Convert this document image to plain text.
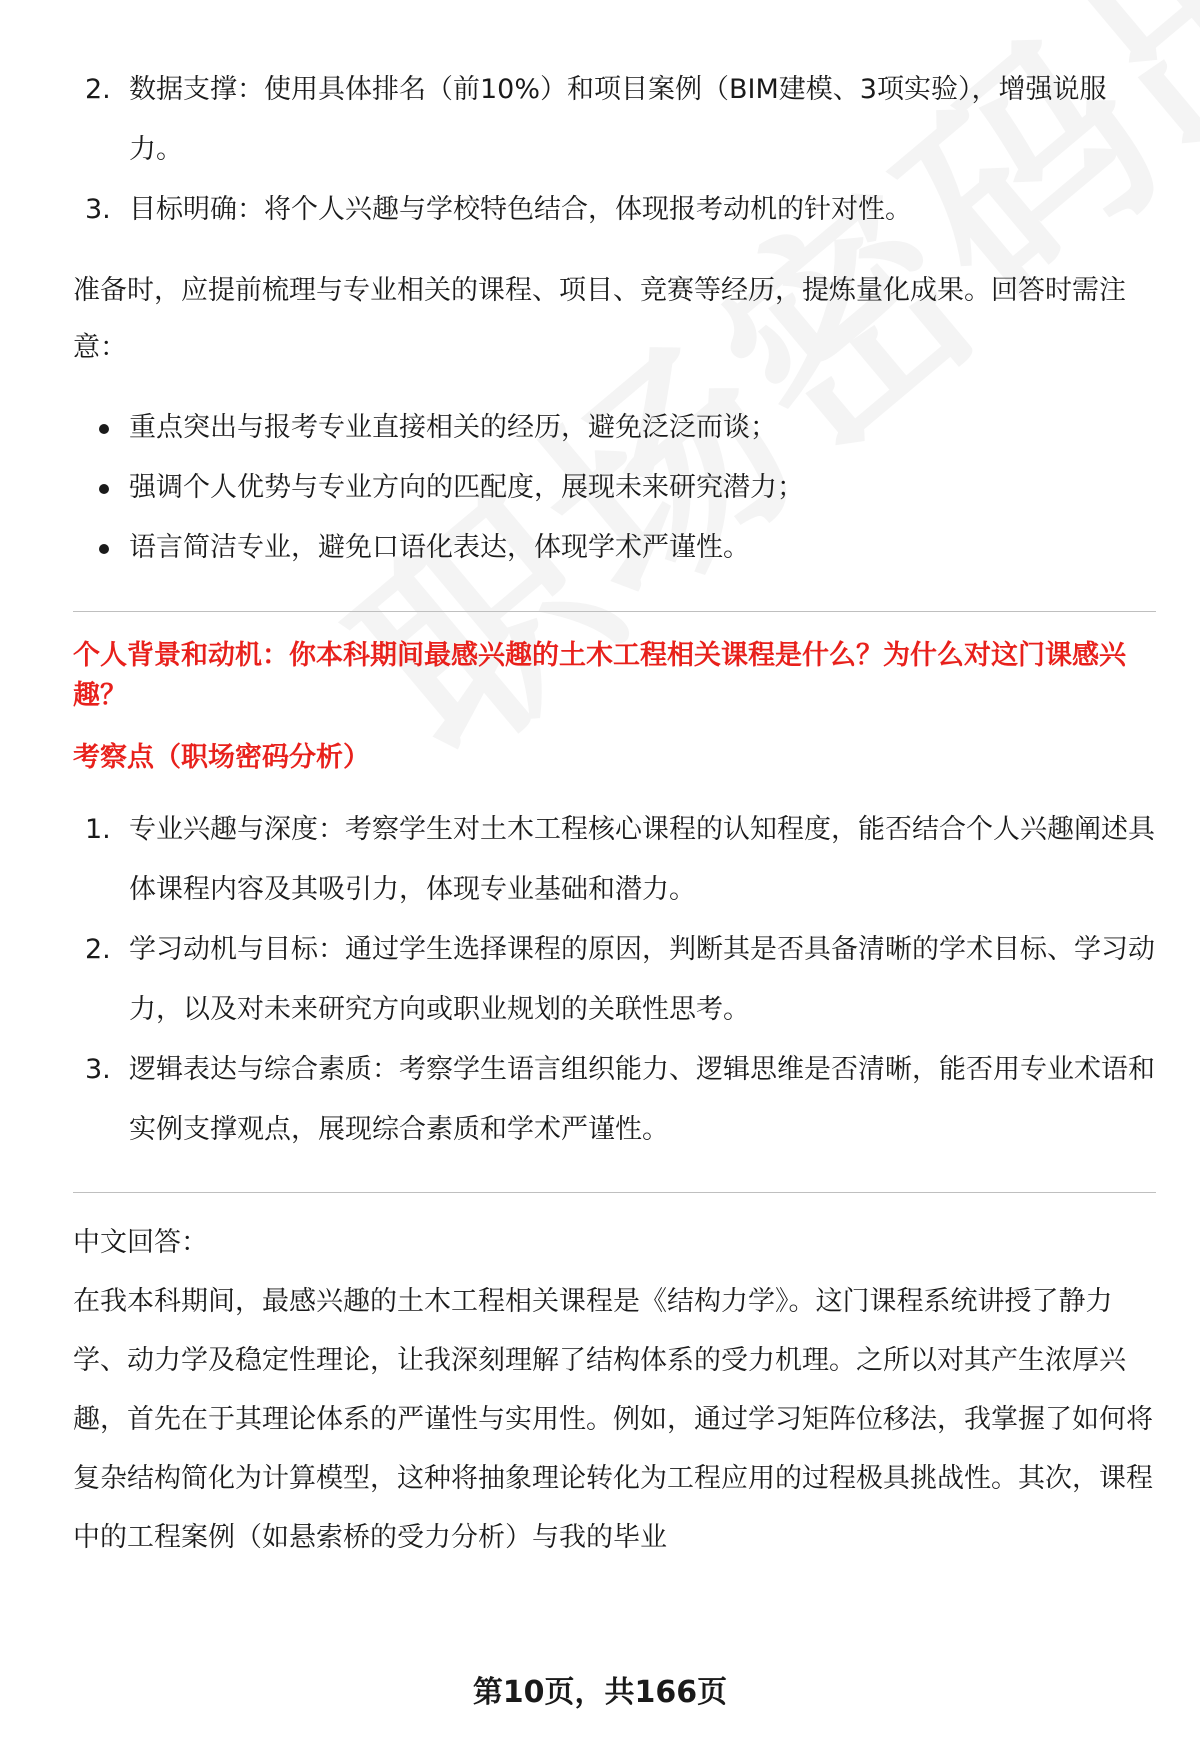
2. 数据支撑：使用具体排名（前10%）和项目案例（BIM建模、3项实验），增强说服力。
3. 目标明确：将个人兴趣与学校特色结合，体现报考动机的针对性。

准备时，应提前梳理与专业相关的课程、项目、竞赛等经历，提炼量化成果。回答时需注意：

重点突出与报考专业直接相关的经历，避免泛泛而谈；
强调个人优势与专业方向的匹配度，展现未来研究潜力；
语言简洁专业，避免口语化表达，体现学术严谨性。

个人背景和动机：你本科期间最感兴趣的土木工程相关课程是什么？为什么对这门课感兴趣？

考察点（职场密码分析）

1. 专业兴趣与深度：考察学生对土木工程核心课程的认知程度，能否结合个人兴趣阐述具体课程内容及其吸引力，体现专业基础和潜力。
2. 学习动机与目标：通过学生选择课程的原因，判断其是否具备清晰的学术目标、学习动力，以及对未来研究方向或职业规划的关联性思考。
3. 逻辑表达与综合素质：考察学生语言组织能力、逻辑思维是否清晰，能否用专业术语和实例支撑观点，展现综合素质和学术严谨性。

中文回答：

在我本科期间，最感兴趣的土木工程相关课程是《结构力学》。这门课程系统讲授了静力学、动力学及稳定性理论，让我深刻理解了结构体系的受力机理。之所以对其产生浓厚兴趣，首先在于其理论体系的严谨性与实用性。例如，通过学习矩阵位移法，我掌握了如何将复杂结构简化为计算模型，这种将抽象理论转化为工程应用的过程极具挑战性。其次，课程中的工程案例（如悬索桥的受力分析）与我的毕业

第10页，共166页
